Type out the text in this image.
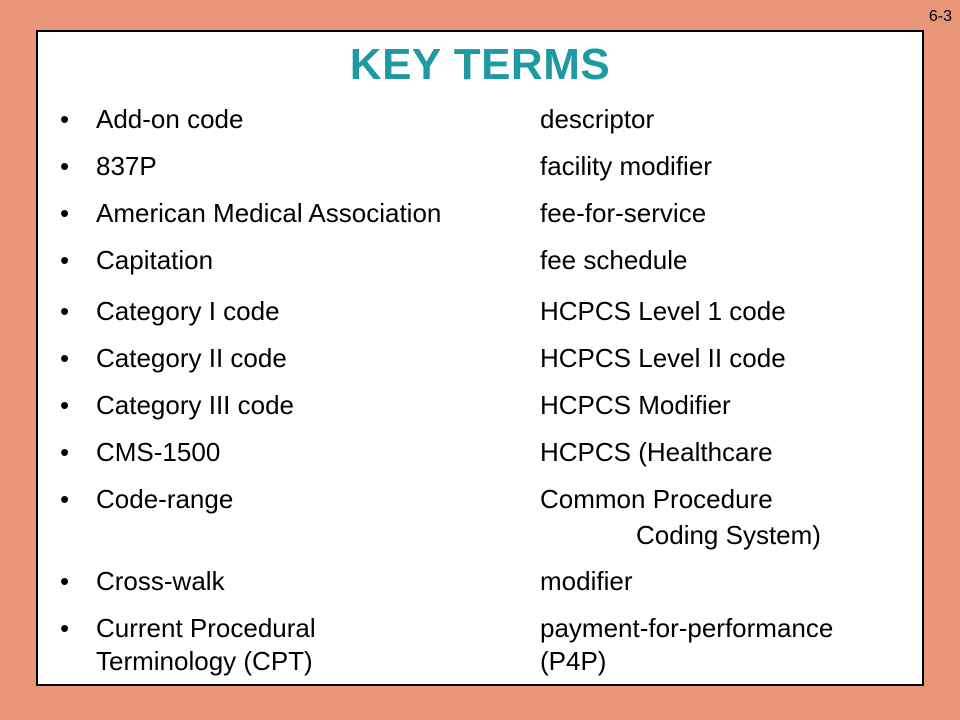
6-3
KEY TERMS
• Add-on code	descriptor
• 837P	facility modifier
• American Medical Association	fee-for-service
• Capitation	fee schedule
• Category I code	HCPCS Level 1 code
• Category II code	HCPCS Level II code
• Category III code	HCPCS Modifier
• CMS-1500	HCPCS (Healthcare
• Code-range	Common Procedure
Coding System)
• Cross-walk	modifier
• Current Procedural	payment-for-performance
Terminology (CPT)	(P4P)
